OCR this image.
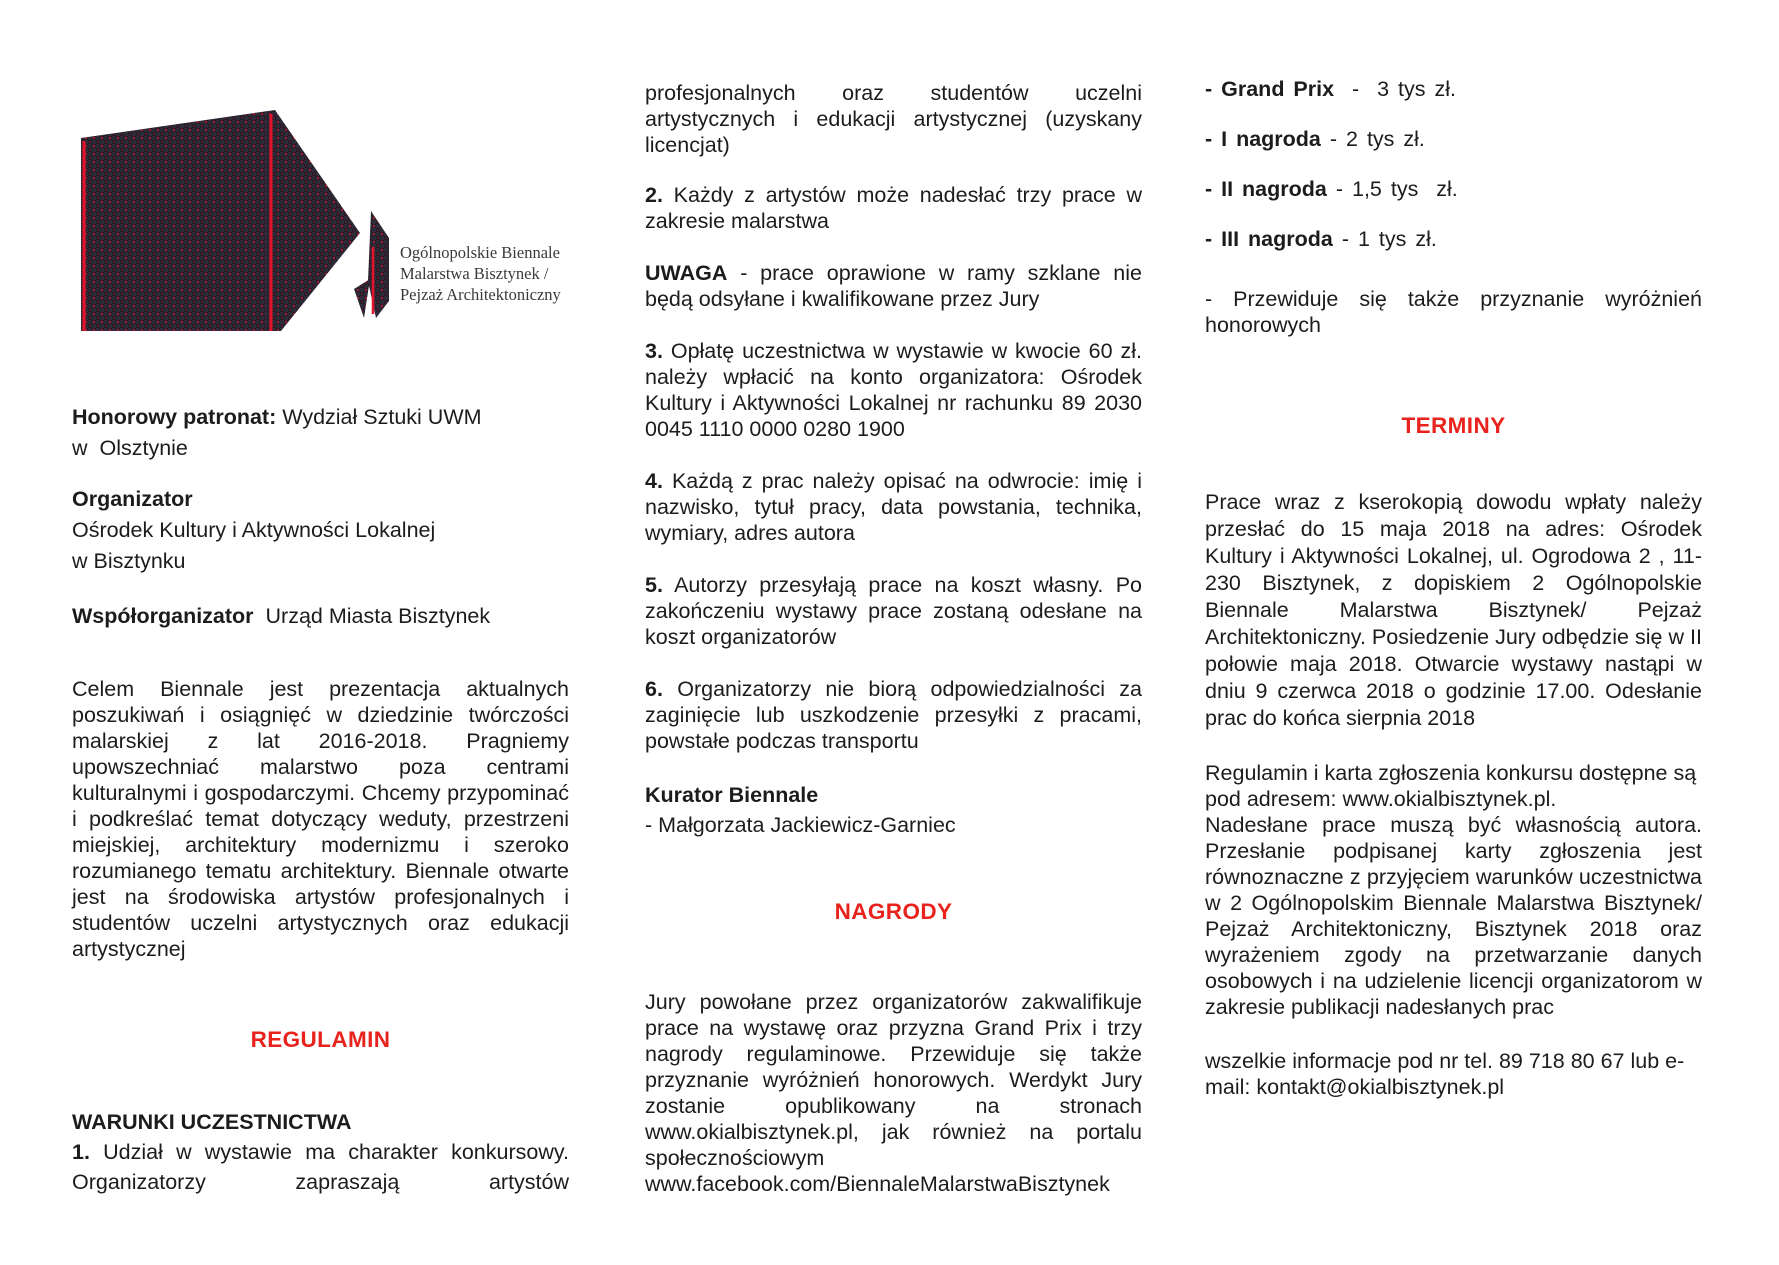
Ogólnopolskie Biennale
Malarstwa Bisztynek /
Pejzaż Architektoniczny
Honorowy patronat: Wydział Sztuki UWM
w  Olsztynie
Organizator
Ośrodek Kultury i Aktywności Lokalnej
w Bisztynku
Współorganizator  Urząd Miasta Bisztynek
Celem Biennale jest prezentacja aktualnych poszukiwań i osiągnięć w dziedzinie twórczości malarskiej z lat 2016-2018. Pragniemy upowszechniać malarstwo poza centrami kulturalnymi i gospodarczymi. Chcemy przypominać i podkreślać temat dotyczący weduty, przestrzeni miejskiej, architektury modernizmu i szeroko rozumianego tematu architektury. Biennale otwarte jest na środowiska artystów profesjonalnych i studentów uczelni artystycznych oraz edukacji artystycznej
REGULAMIN
WARUNKI UCZESTNICTWA
1. Udział w wystawie ma charakter konkursowy. Organizatorzy zapraszają artystów
profesjonalnych oraz studentów uczelni artystycznych i edukacji artystycznej (uzyskany licencjat)
2. Każdy z artystów może nadesłać trzy prace w zakresie malarstwa
UWAGA - prace oprawione w ramy szklane nie będą odsyłane i kwalifikowane przez Jury
3. Opłatę uczestnictwa w wystawie w kwocie 60 zł. należy wpłacić na konto organizatora: Ośrodek Kultury i Aktywności Lokalnej nr rachunku 89 2030 0045 1110 0000 0280 1900
4. Każdą z prac należy opisać na odwrocie: imię i nazwisko, tytuł pracy, data powstania, technika, wymiary, adres autora
5. Autorzy przesyłają prace na koszt własny. Po zakończeniu wystawy prace zostaną odesłane na koszt organizatorów
6. Organizatorzy nie biorą odpowiedzialności za zaginięcie lub uszkodzenie przesyłki z pracami, powstałe podczas transportu
Kurator Biennale
- Małgorzata Jackiewicz-Garniec
NAGRODY
Jury powołane przez organizatorów zakwalifikuje prace na wystawę oraz przyzna Grand Prix i trzy nagrody regulaminowe. Przewiduje się także przyznanie wyróżnień honorowych. Werdykt Jury zostanie opublikowany na stronach www.okialbisztynek.pl, jak również na portalu społecznościowym www.facebook.com/BiennaleMalarstwaBisztynek
- Grand Prix  -  3 tys zł.
- I nagroda - 2 tys zł.
- II nagroda - 1,5 tys  zł.
- III nagroda - 1 tys zł.
- Przewiduje się także przyznanie wyróżnień honorowych
TERMINY
Prace wraz z kserokopią dowodu wpłaty należy przesłać do 15 maja 2018 na adres: Ośrodek Kultury i Aktywności Lokalnej, ul. Ogrodowa 2 , 11-230 Bisztynek, z dopiskiem 2 Ogólnopolskie Biennale Malarstwa Bisztynek/ Pejzaż Architektoniczny. Posiedzenie Jury odbędzie się w II połowie maja 2018. Otwarcie wystawy nastąpi w dniu 9 czerwca 2018 o godzinie 17.00. Odesłanie prac do końca sierpnia 2018
Regulamin i karta zgłoszenia konkursu dostępne są pod adresem: www.okialbisztynek.pl.
Nadesłane prace muszą być własnością autora. Przesłanie podpisanej karty zgłoszenia jest równoznaczne z przyjęciem warunków uczestnictwa w 2 Ogólnopolskim Biennale Malarstwa Bisztynek/ Pejzaż Architektoniczny, Bisztynek 2018 oraz wyrażeniem zgody na przetwarzanie danych osobowych i na udzielenie licencji organizatorom w zakresie publikacji nadesłanych prac
wszelkie informacje pod nr tel. 89 718 80 67 lub e-mail: kontakt@okialbisztynek.pl
